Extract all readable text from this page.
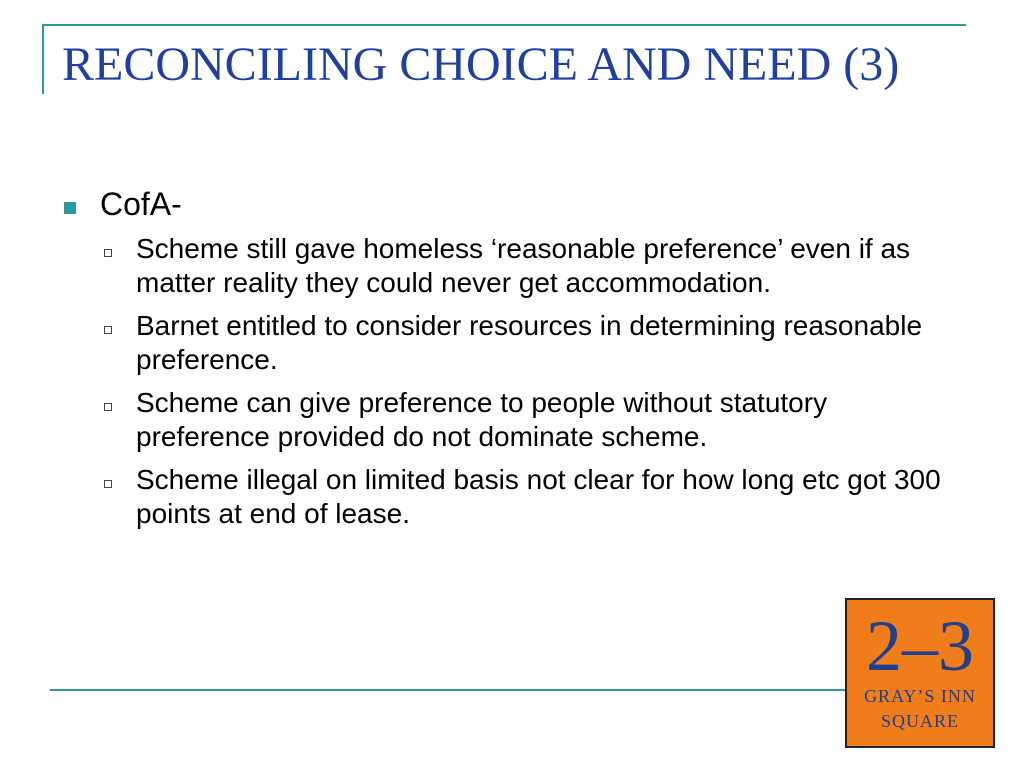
RECONCILING CHOICE AND NEED (3)
CofA-
Scheme still gave homeless ‘reasonable preference’ even if as matter reality they could never get accommodation.
Barnet entitled to consider resources in determining reasonable preference.
Scheme can give preference to people without statutory preference provided do not dominate scheme.
Scheme illegal on limited basis not clear for how long etc got 300 points at end of lease.
2–3
GRAY’S INN
SQUARE
